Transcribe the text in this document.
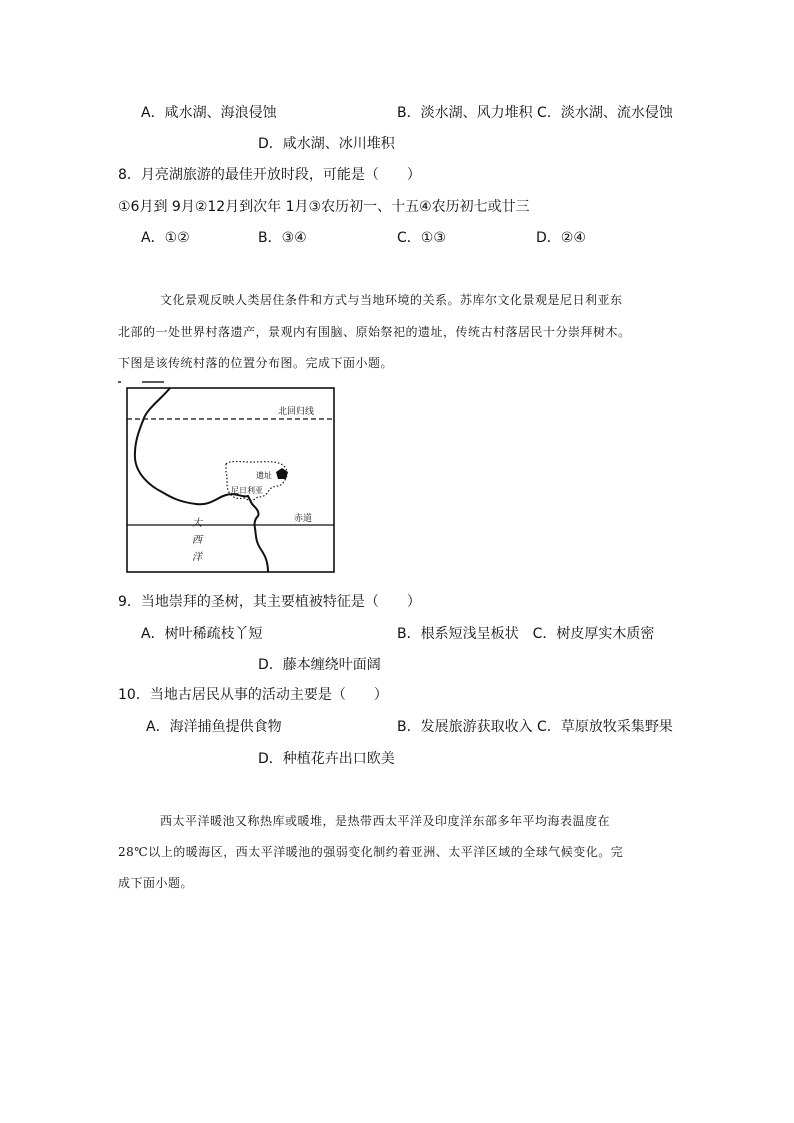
A．咸水湖、海浪侵蚀	B．淡水湖、风力堆积 C．淡水湖、流水侵蚀
D．咸水湖、冰川堆积
8．月亮湖旅游的最佳开放时段，可能是（　　）
①6月到 9月②12月到次年 1月③农历初一、十五④农历初七或廿三
A．①②	B．③④	C．①③	D．②④
文化景观反映人类居住条件和方式与当地环境的关系。苏库尔文化景观是尼日利亚东
北部的一处世界村落遗产，景观内有围脑、原始祭祀的遗址，传统古村落居民十分崇拜树木。
下图是该传统村落的位置分布图。完成下面小题。
北回归线
遗址
尼日利亚
赤道
大
西
洋
9．当地崇拜的圣树，其主要植被特征是（　　）
A．树叶稀疏枝丫短	B．根系短浅呈板状　C．树皮厚实木质密
D．藤本缠绕叶面阔
10．当地古居民从事的活动主要是（　　）
A．海洋捕鱼提供食物	B．发展旅游获取收入 C．草原放牧采集野果
D．种植花卉出口欧美
西太平洋暖池又称热库或暖堆，是热带西太平洋及印度洋东部多年平均海表温度在
28℃以上的暖海区，西太平洋暖池的强弱变化制约着亚洲、太平洋区域的全球气候变化。完
成下面小题。
